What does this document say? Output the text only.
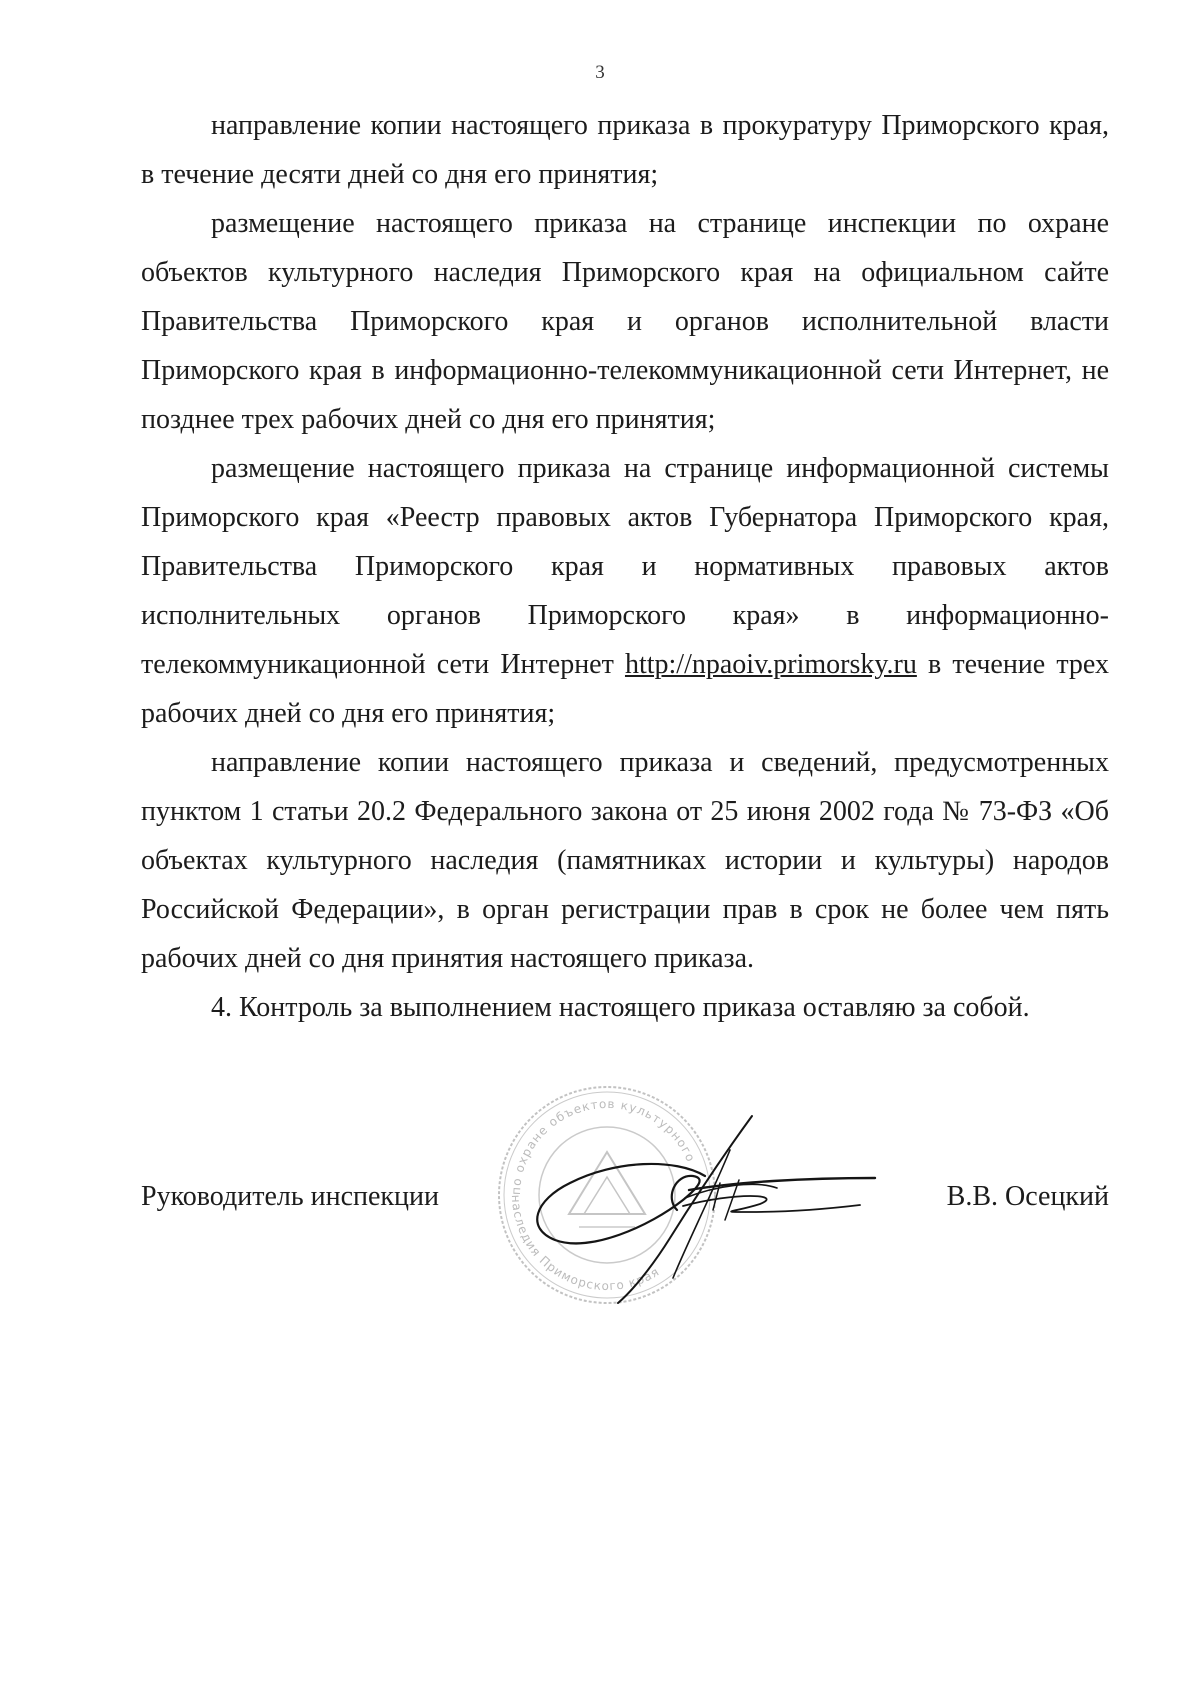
3

направление копии настоящего приказа в прокуратуру Приморского края, в течение десяти дней со дня его принятия;

размещение настоящего приказа на странице инспекции по охране объектов культурного наследия Приморского края на официальном сайте Правительства Приморского края и органов исполнительной власти Приморского края в информационно-телекоммуникационной сети Интернет, не позднее трех рабочих дней со дня его принятия;

размещение настоящего приказа на странице информационной системы Приморского края «Реестр правовых актов Губернатора Приморского края, Правительства Приморского края и нормативных правовых актов исполнительных органов Приморского края» в информационно-телекоммуникационной сети Интернет http://npaoiv.primorsky.ru в течение трех рабочих дней со дня его принятия;

направление копии настоящего приказа и сведений, предусмотренных пунктом 1 статьи 20.2 Федерального закона от 25 июня 2002 года № 73-ФЗ «Об объектах культурного наследия (памятниках истории и культуры) народов Российской Федерации», в орган регистрации прав в срок не более чем пять рабочих дней со дня принятия настоящего приказа.

4. Контроль за выполнением настоящего приказа оставляю за собой.

по охране объектов культурного
наследия Приморского края
Руководитель инспекции	В.В. Осецкий
